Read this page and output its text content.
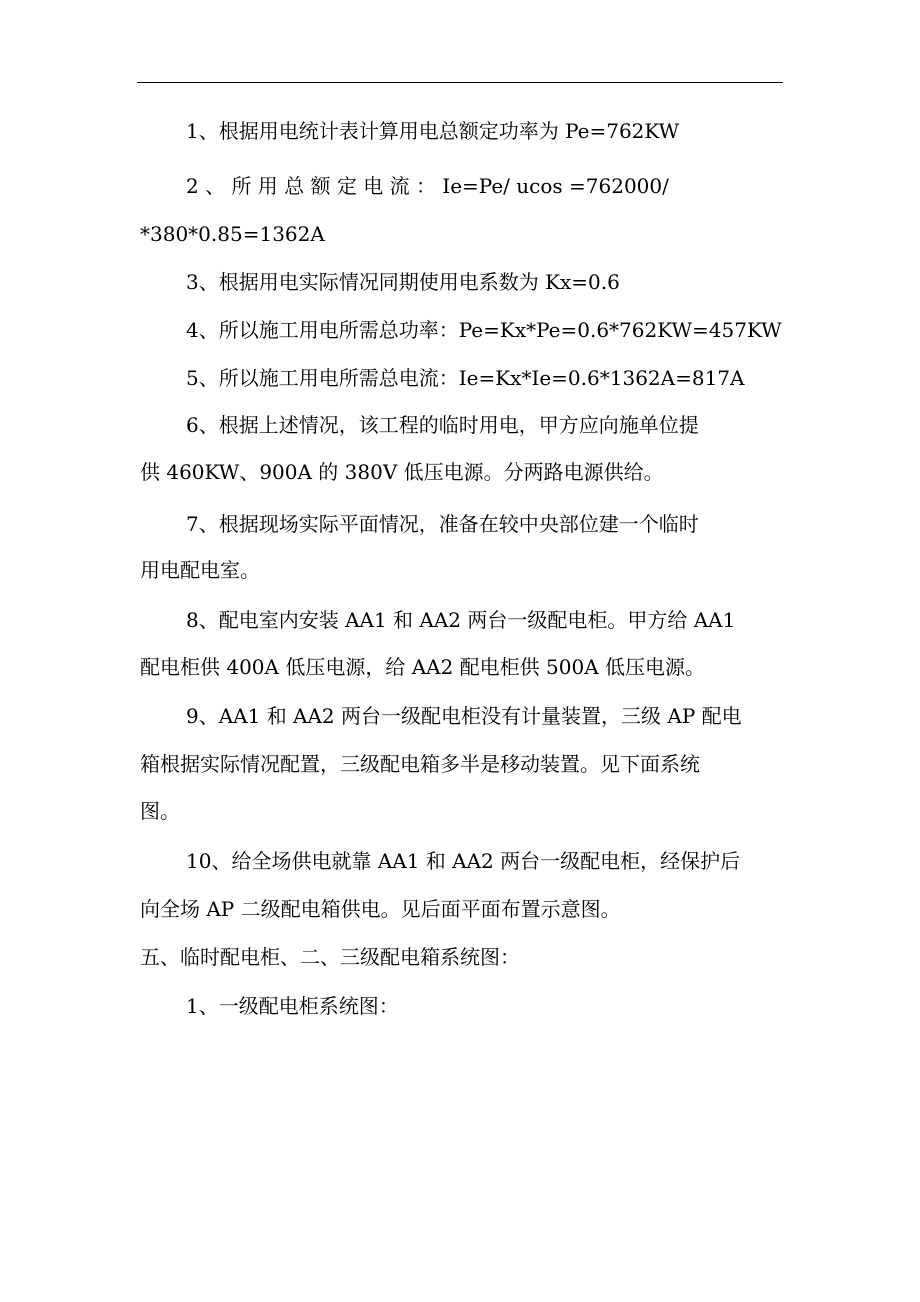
1、根据用电统计表计算用电总额定功率为 Pe=762KW
2 、 所 用 总 额 定 电 流 ： Ie=Pe/ ucos =762000/
*380*0.85=1362A
3、根据用电实际情况同期使用电系数为 Kx=0.6
4、所以施工用电所需总功率：Pe=Kx*Pe=0.6*762KW=457KW
5、所以施工用电所需总电流：Ie=Kx*Ie=0.6*1362A=817A
6、根据上述情况，该工程的临时用电，甲方应向施单位提
供 460KW、900A 的 380V 低压电源。分两路电源供给。
7、根据现场实际平面情况，准备在较中央部位建一个临时
用电配电室。
8、配电室内安装 AA1 和 AA2 两台一级配电柜。甲方给 AA1
配电柜供 400A 低压电源，给 AA2 配电柜供 500A 低压电源。
9、AA1 和 AA2 两台一级配电柜没有计量装置，三级 AP 配电
箱根据实际情况配置，三级配电箱多半是移动装置。见下面系统
图。
10、给全场供电就靠 AA1 和 AA2 两台一级配电柜，经保护后
向全场 AP 二级配电箱供电。见后面平面布置示意图。
五、临时配电柜、二、三级配电箱系统图：
1、一级配电柜系统图：
